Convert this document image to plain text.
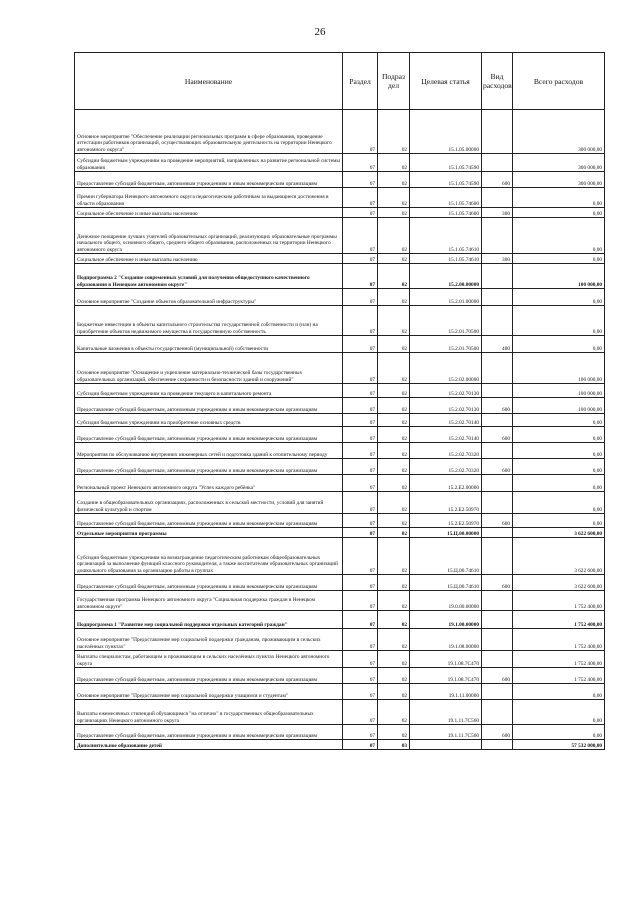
26
Наименование	Раздел	Подраз дел	Целевая статья	Вид расходов	Всего расходов
Основное мероприятие "Обеспечение реализации региональных программ в сфере образования, проведение аттестации работников организаций, осуществляющих образовательную деятельность на территории Ненецкого автономного округа"	07	02	15.1.05.00000		300 000,00
Субсидии бюджетным учреждениям на проведение мероприятий, направленных на развитие региональной системы образования	07	02	15.1.05.74590		300 000,00
Предоставление субсидий бюджетным, автономным учреждениям и иным некоммерческим организациям	07	02	15.1.05.74590	600	300 000,00
Премии губернатора Ненецкого автономного округа педагогическим работникам за выдающиеся достижения в области образования	07	02	15.1.05.74600		0,00
Социальное обеспечение и иные выплаты населению	07	02	15.1.05.74600	300	0,00
Денежное поощрение лучших учителей образовательных организаций, реализующих образовательные программы начального общего, основного общего, среднего общего образования, расположенных на территории Ненецкого автономного округа	07	02	15.1.05.74610		0,00
Социальное обеспечение и иные выплаты населению	07	02	15.1.05.74610	300	0,00
Подпрограмма 2 "Создание современных условий для получения общедоступного качественного образования в Ненецком автономном округе"	07	02	15.2.00.00000		100 000,00
Основное мероприятие "Создание объектов образовательной инфраструктуры"	07	02	15.2.01.00000		0,00
Бюджетные инвестиции в объекты капитального строительства государственной собственности и (или) на приобретение объектов недвижимого имущества в государственную собственность	07	02	15.2.01.70500		0,00
Капитальные вложения в объекты государственной (муниципальной) собственности	07	02	15.2.01.70500	400	0,00
Основное мероприятие "Оснащение и укрепление материально-технической базы государственных образовательных организаций, обеспечение сохранности и безопасности зданий и сооружений"	07	02	15.2.02.00000		100 000,00
Субсидии бюджетным учреждениям на проведение текущего и капитального ремонта	07	02	15.2.02.70130		100 000,00
Предоставление субсидий бюджетным, автономным учреждениям и иным некоммерческим организациям	07	02	15.2.02.70130	600	100 000,00
Субсидии бюджетным учреждениям на приобретение основных средств	07	02	15.2.02.70140		0,00
Предоставление субсидий бюджетным, автономным учреждениям и иным некоммерческим организациям	07	02	15.2.02.70140	600	0,00
Мероприятия по обслуживанию внутренних инженерных сетей и подготовка зданий к отопительному периоду	07	02	15.2.02.70320		0,00
Предоставление субсидий бюджетным, автономным учреждениям и иным некоммерческим организациям	07	02	15.2.02.70320	600	0,00
Региональный проект Ненецкого автономного округа "Успех каждого ребёнка"	07	02	15.2.E2.00000		0,00
Создание в общеобразовательных организациях, расположенных в сельской местности, условий для занятий физической культурой и спортом	07	02	15.2.E2.50970		0,00
Предоставление субсидий бюджетным, автономным учреждениям и иным некоммерческим организациям	07	02	15.2.E2.50970	600	0,00
Отдельные мероприятия программы	07	02	15.Ц.00.00000		3 622 600,00
Субсидии бюджетным учреждениям на вознаграждение педагогическим работникам общеобразовательных организаций за выполнение функций классного руководителя, а также воспитателям образовательных организаций дошкольного образования за организацию работы в группах	07	02	15.Ц.00.74610		3 622 600,00
Предоставление субсидий бюджетным, автономным учреждениям и иным некоммерческим организациям	07	02	15.Ц.00.74610	600	3 622 600,00
Государственная программа Ненецкого автономного округа "Социальная поддержка граждан в Ненецком автономном округе"	07	02	19.0.00.00000		1 752 400,00
Подпрограмма 1 "Развитие мер социальной поддержки отдельных категорий граждан"	07	02	19.1.00.00000		1 752 400,00
Основное мероприятие "Предоставление мер социальной поддержки гражданам, проживающим в сельских населённых пунктах"	07	02	19.1.08.00000		1 752 400,00
Выплаты специалистам, работающим и проживающим в сельских населённых пунктах Ненецкого автономного округа	07	02	19.1.08.7С470		1 752 400,00
Предоставление субсидий бюджетным, автономным учреждениям и иным некоммерческим организациям	07	02	19.1.08.7С470	600	1 752 400,00
Основное мероприятие "Предоставление мер социальной поддержки учащимся и студентам"	07	02	19.1.11.00000		0,00
Выплаты ежемесячных стипендий обучающимся "на отлично" в государственных общеобразовательных организациях Ненецкого автономного округа	07	02	19.1.11.7С560		0,00
Предоставление субсидий бюджетным, автономным учреждениям и иным некоммерческим организациям	07	02	19.1.11.7С560	600	0,00
Дополнительное образование детей	07	03			57 532 000,00
